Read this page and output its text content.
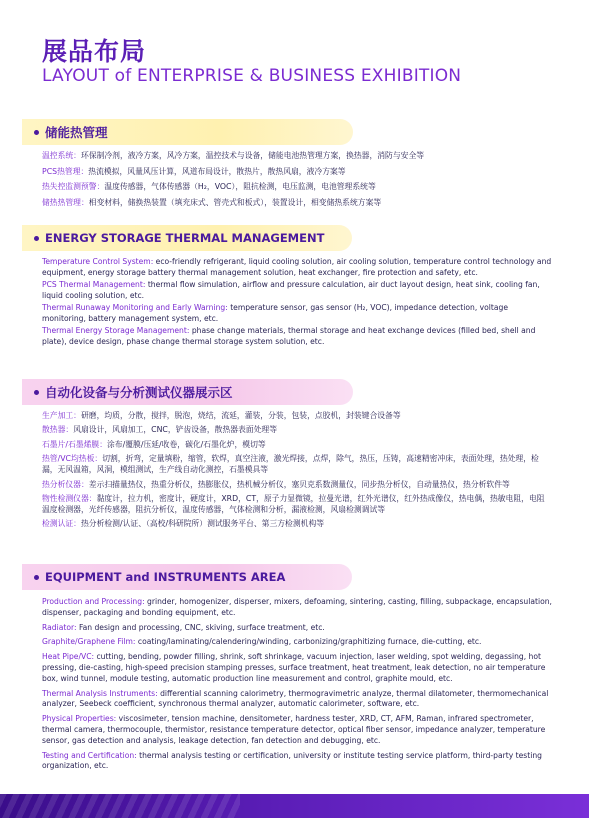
展品布局
LAYOUT of ENTERPRISE & BUSINESS EXHIBITION
储能热管理
温控系统：环保制冷剂，液冷方案，风冷方案，温控技术与设备，储能电池热管理方案，换热器，消防与安全等
PCS热管理：热流模拟，风量风压计算，风道布局设计，散热片，散热风扇，液冷方案等
热失控监测预警：温度传感器，气体传感器（H₂，VOC），阻抗检测，电压监测，电池管理系统等
储热热管理：相变材料，储换热装置（填充床式、管壳式和板式），装置设计，相变储热系统方案等
ENERGY STORAGE THERMAL MANAGEMENT
Temperature Control System: eco-friendly refrigerant, liquid cooling solution, air cooling solution, temperature control technology and equipment, energy storage battery thermal management solution, heat exchanger, fire protection and safety, etc.
PCS Thermal Management: thermal flow simulation, airflow and pressure calculation, air duct layout design, heat sink, cooling fan, liquid cooling solution, etc.
Thermal Runaway Monitoring and Early Warning: temperature sensor, gas sensor (H₂, VOC), impedance detection, voltage monitoring, battery management system, etc.
Thermal Energy Storage Management: phase change materials, thermal storage and heat exchange devices (filled bed, shell and plate), device design, phase change thermal storage system solution, etc.
自动化设备与分析测试仪器展示区
生产加工：研磨，均质，分散，搅拌，脱泡，烧结，流延，灌装，分装，包装，点胶机，封装键合设备等
散热器：风扇设计，风扇加工，CNC，铲齿设备，散热器表面处理等
石墨片/石墨烯膜：涂布/覆膜/压延/收卷，碳化/石墨化炉，模切等
热管/VC均热板：切割，折弯，定量填粉，缩管，软焊，真空注液，激光焊接，点焊，除气，热压，压铸，高速精密冲床，表面处理，热处理，检漏，无风温箱，风洞，模组测试，生产线自动化测控，石墨模具等
热分析仪器：差示扫描量热仪，热重分析仪，热膨胀仪，热机械分析仪，塞贝克系数测量仪，同步热分析仪，自动量热仪，热分析软件等
物性检测仪器：黏度计，拉力机，密度计，硬度计，XRD，CT，原子力显微镜，拉曼光谱，红外光谱仪，红外热成像仪，热电偶，热敏电阻，电阻温度检测器，光纤传感器，阻抗分析仪，温度传感器，气体检测和分析，漏液检测，风扇检测调试等
检测认证：热分析检测/认证、（高校/科研院所）测试服务平台、第三方检测机构等
EQUIPMENT and INSTRUMENTS AREA
Production and Processing: grinder, homogenizer, disperser, mixers, defoaming, sintering, casting, filling, subpackage, encapsulation, dispenser, packaging and bonding equipment, etc.
Radiator: Fan design and processing, CNC, skiving, surface treatment, etc.
Graphite/Graphene Film: coating/laminating/calendering/winding, carbonizing/graphitizing furnace, die-cutting, etc.
Heat Pipe/VC: cutting, bending, powder filling, shrink, soft shrinkage, vacuum injection, laser welding, spot welding, degassing, hot pressing, die-casting, high-speed precision stamping presses, surface treatment, heat treatment, leak detection, no air temperature box, wind tunnel, module testing, automatic production line measurement and control, graphite mould, etc.
Thermal Analysis Instruments: differential scanning calorimetry, thermogravimetric analyze, thermal dilatometer, thermomechanical analyzer, Seebeck coefficient, synchronous thermal analyzer, automatic calorimeter, software, etc.
Physical Properties: viscosimeter, tension machine, densitometer, hardness tester, XRD, CT, AFM, Raman, infrared spectrometer, thermal camera, thermocouple, thermistor, resistance temperature detector, optical fiber sensor, impedance analyzer, temperature sensor, gas detection and analysis, leakage detection, fan detection and debugging, etc.
Testing and Certification: thermal analysis testing or certification, university or institute testing service platform, third-party testing organization, etc.
